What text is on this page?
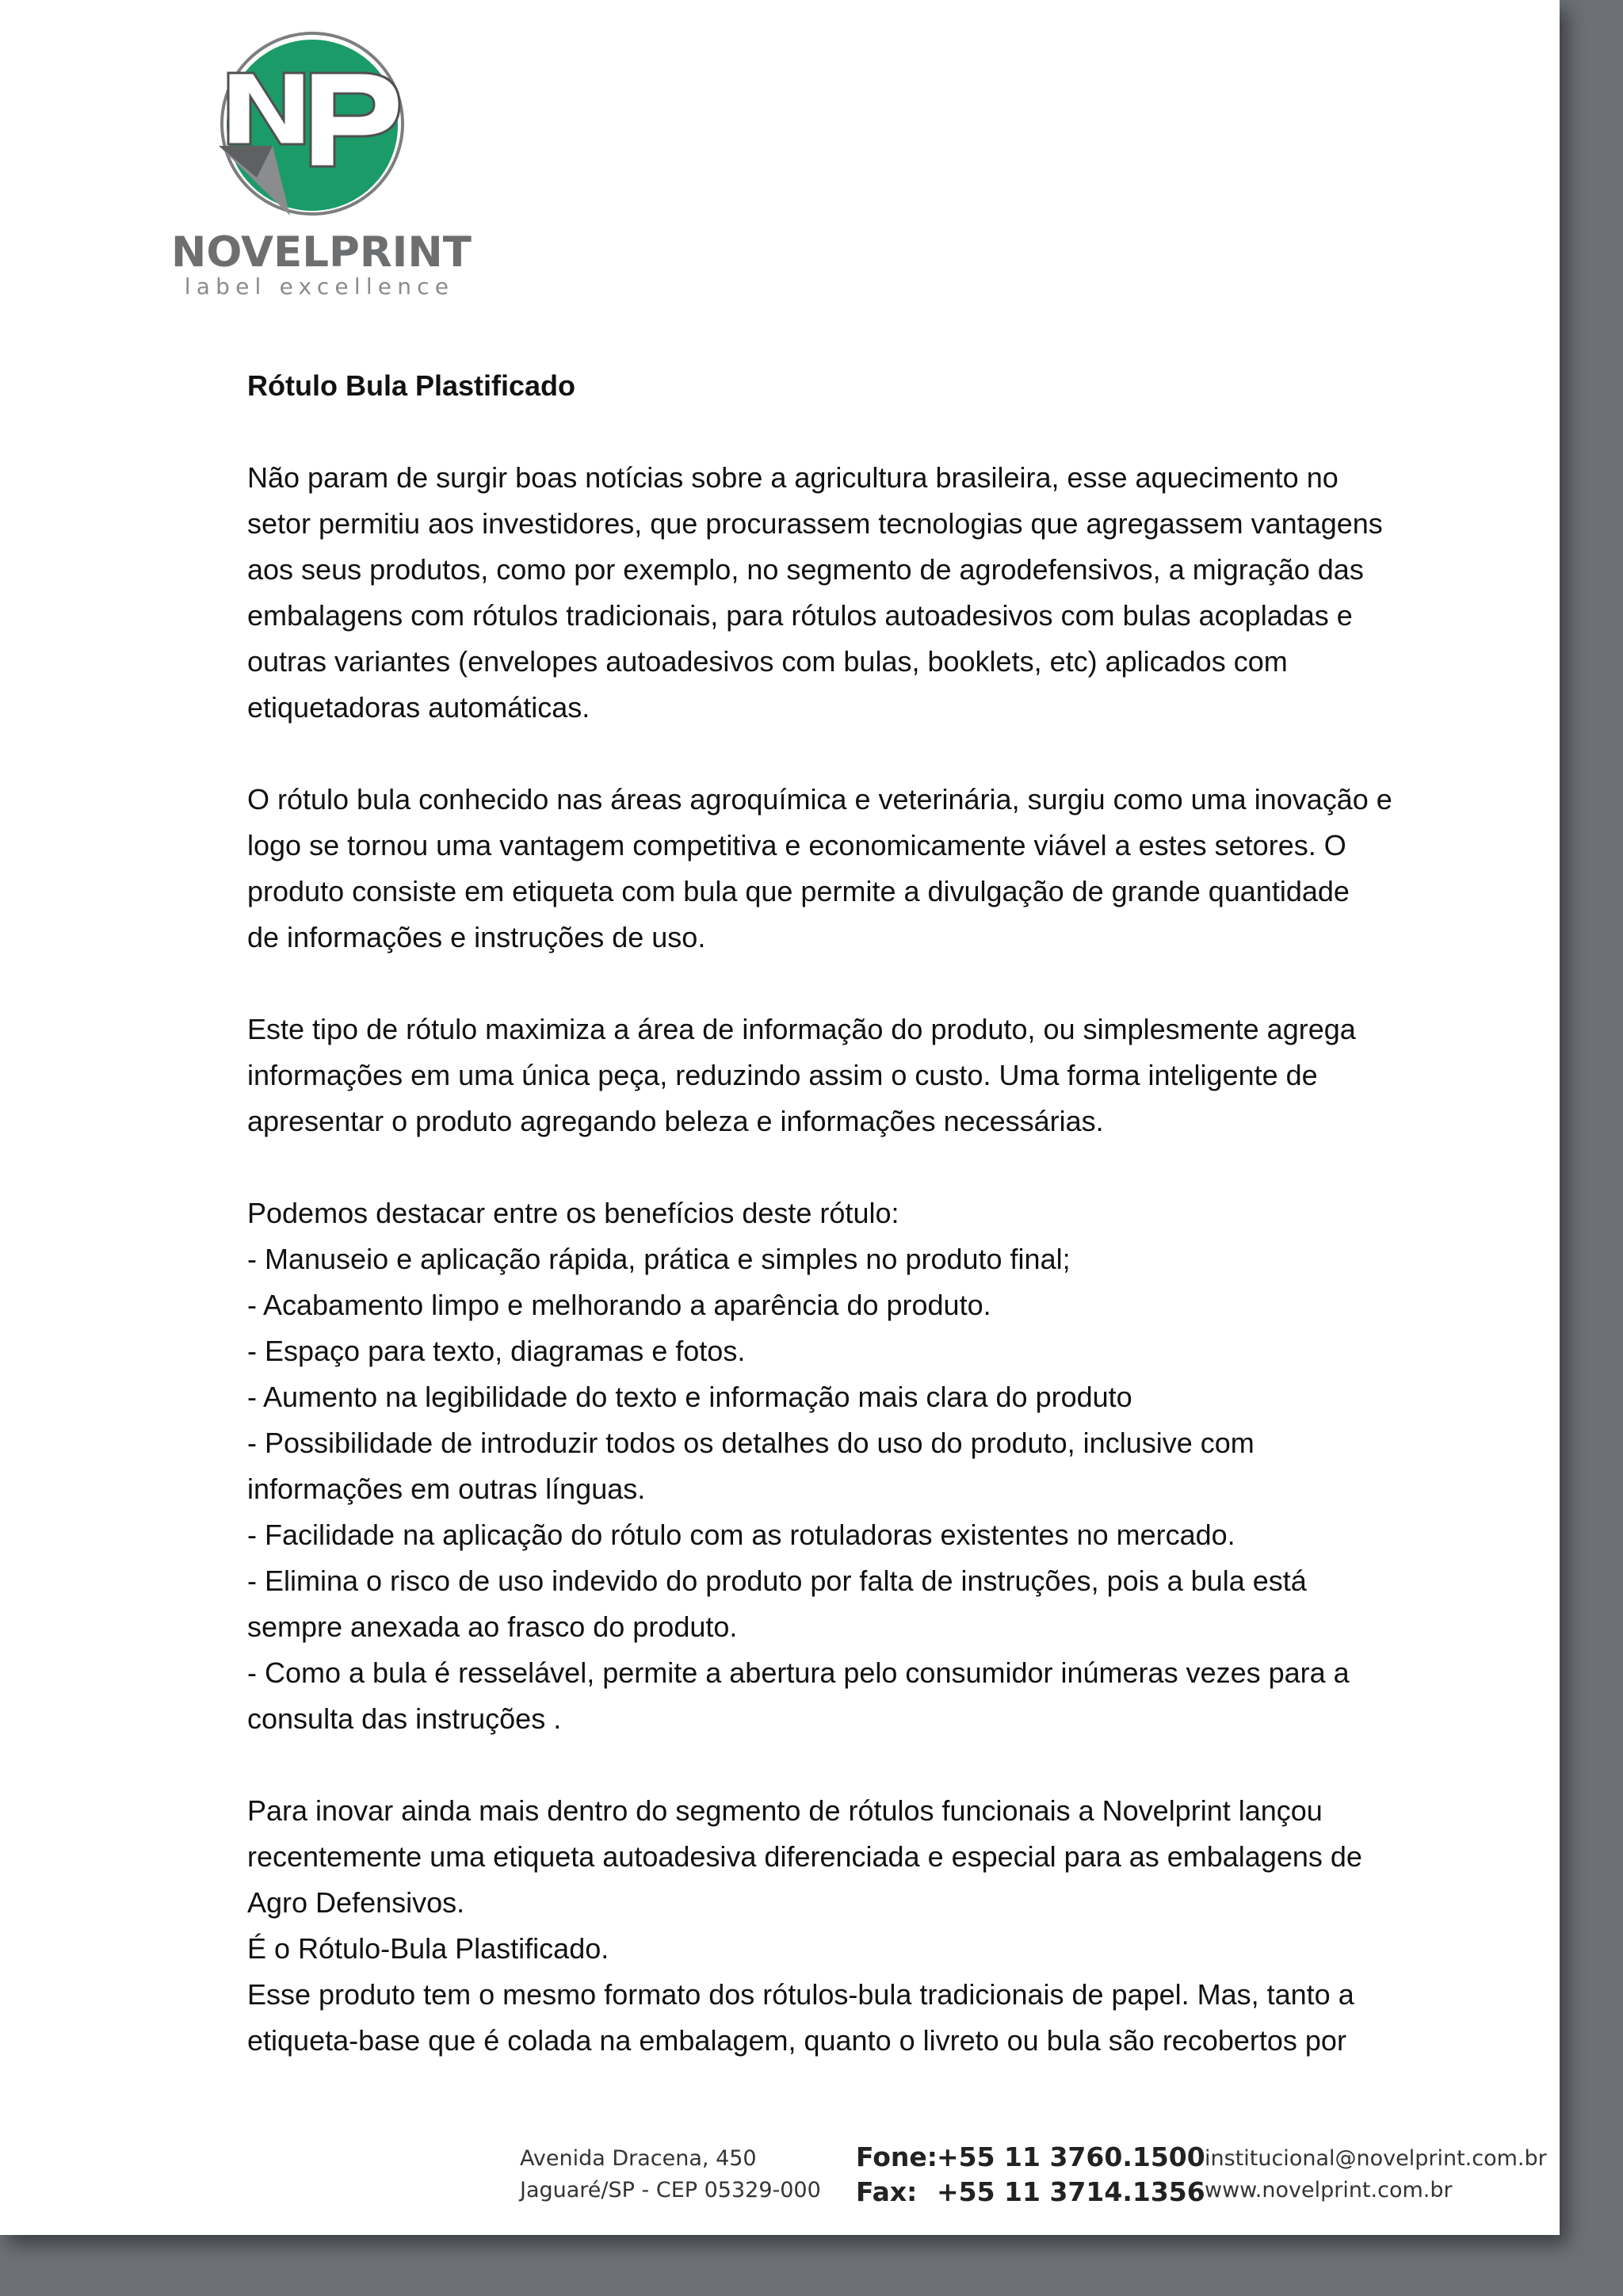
NOVELPRINT
label excellence
Rótulo Bula Plastificado
Não param de surgir boas notícias sobre a agricultura brasileira, esse aquecimento no
setor permitiu aos investidores, que procurassem tecnologias que agregassem vantagens
aos seus produtos, como por exemplo, no segmento de agrodefensivos, a migração das
embalagens com rótulos tradicionais, para rótulos autoadesivos com bulas acopladas e
outras variantes (envelopes autoadesivos com bulas, booklets, etc) aplicados com
etiquetadoras automáticas.
O rótulo bula conhecido nas áreas agroquímica e veterinária, surgiu como uma inovação e
logo se tornou uma vantagem competitiva e economicamente viável a estes setores. O
produto consiste em etiqueta com bula que permite a divulgação de grande quantidade
de informações e instruções de uso.
Este tipo de rótulo maximiza a área de informação do produto, ou simplesmente agrega
informações em uma única peça, reduzindo assim o custo. Uma forma inteligente de
apresentar o produto agregando beleza e informações necessárias.
Podemos destacar entre os benefícios deste rótulo:
- Manuseio e aplicação rápida, prática e simples no produto final;
- Acabamento limpo e melhorando a aparência do produto.
- Espaço para texto, diagramas e fotos.
- Aumento na legibilidade do texto e informação mais clara do produto
- Possibilidade de introduzir todos os detalhes do uso do produto, inclusive com
informações em outras línguas.
- Facilidade na aplicação do rótulo com as rotuladoras existentes no mercado.
- Elimina o risco de uso indevido do produto por falta de instruções, pois a bula está
sempre anexada ao frasco do produto.
- Como a bula é resselável, permite a abertura pelo consumidor inúmeras vezes para a
consulta das instruções .
Para inovar ainda mais dentro do segmento de rótulos funcionais a Novelprint lançou
recentemente uma etiqueta autoadesiva diferenciada e especial para as embalagens de
Agro Defensivos.
É o Rótulo-Bula Plastificado.
Esse produto tem o mesmo formato dos rótulos-bula tradicionais de papel. Mas, tanto a
etiqueta-base que é colada na embalagem, quanto o livreto ou bula são recobertos por
Avenida Dracena, 450
Jaguaré/SP - CEP 05329-000
Fone:+55 11 3760.1500
Fax: +55 11 3714.1356
institucional@novelprint.com.br
www.novelprint.com.br
